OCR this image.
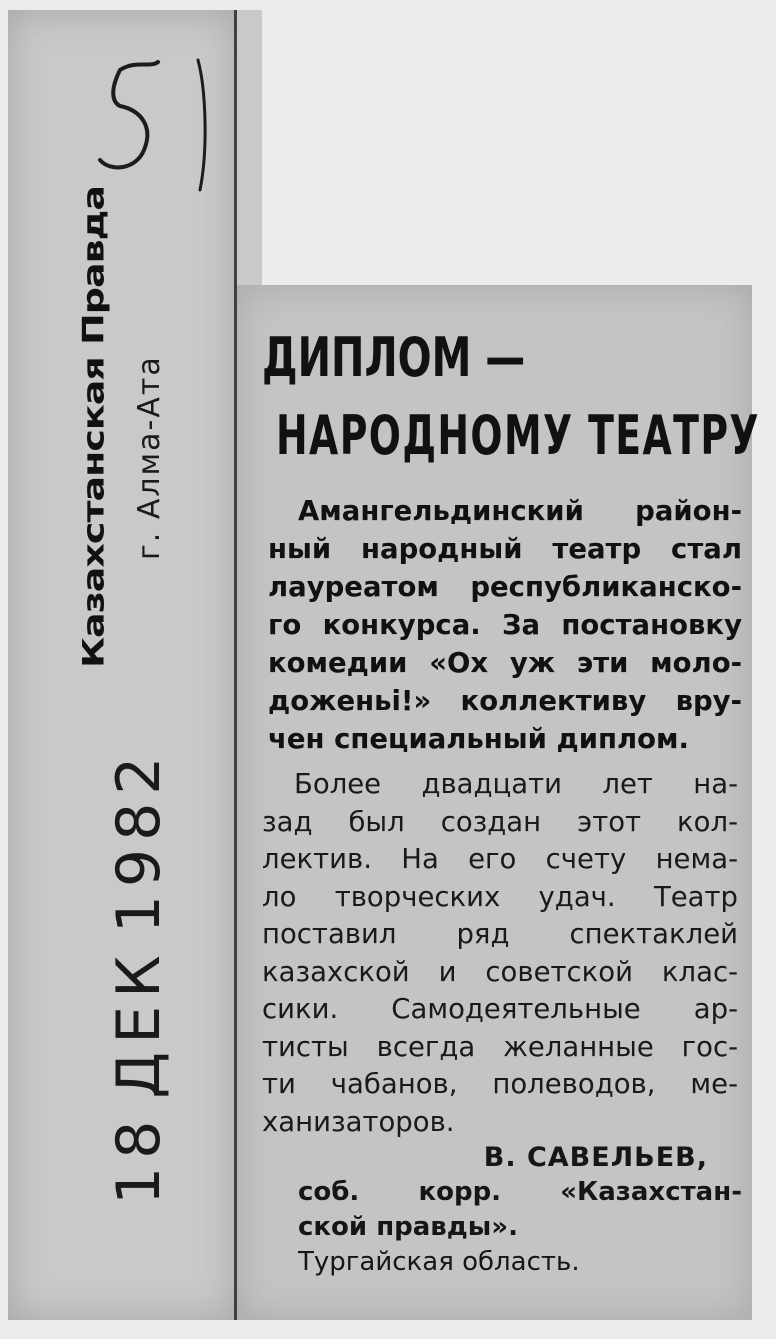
Казахстанская Правда г. Алма-Ата
18ДЕК1982
ДИПЛОМ —
НАРОДНОМУ ТЕАТРУ
Амангельдинский район-
ный народный театр стал
лауреатом республиканско-
го конкурса. За постановку
комедии «Ох уж эти моло-
доженьі!» коллективу вру-
чен специальный диплом.
Более двадцати лет на-
зад был создан этот кол-
лектив. На его счету нема-
ло творческих удач. Театр
поставил ряд спектаклей
казахской и советской клас-
сики. Самодеятельные ар-
тисты всегда желанные гос-
ти чабанов, полеводов, ме-
ханизаторов.
В. САВЕЛЬЕВ,
соб. корр. «Казахстан-
ской правды».
Тургайская область.
